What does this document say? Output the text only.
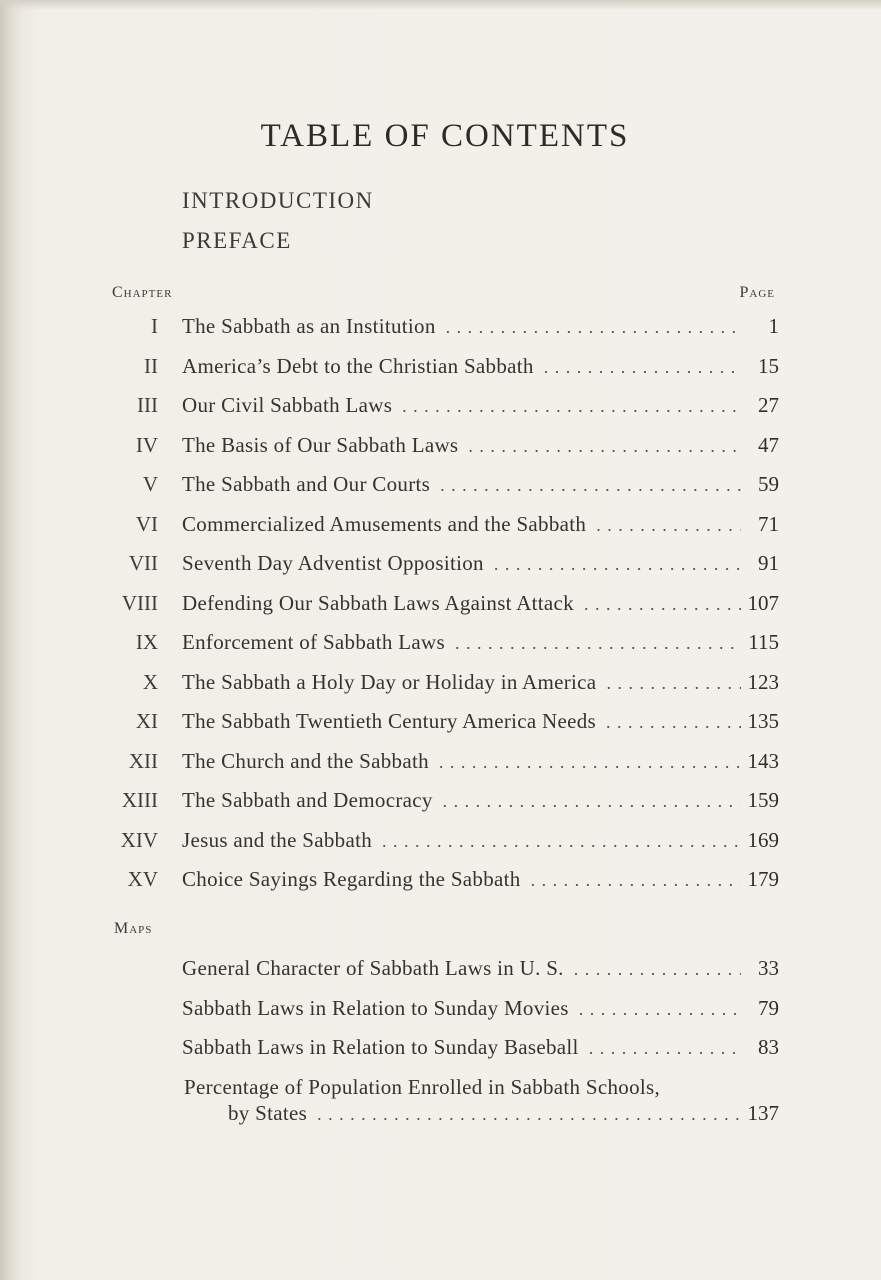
TABLE OF CONTENTS
INTRODUCTION
PREFACE
Chapter	Page
I The Sabbath as an Institution . . .	1
II America’s Debt to the Christian Sabbath . . .	15
III Our Civil Sabbath Laws . . .	27
IV The Basis of Our Sabbath Laws . . .	47
V The Sabbath and Our Courts . . .	59
VI Commercialized Amusements and the Sabbath . . .	71
VII Seventh Day Adventist Opposition . . .	91
VIII Defending Our Sabbath Laws Against Attack . . .	107
IX Enforcement of Sabbath Laws . . .	115
X The Sabbath a Holy Day or Holiday in America . . .	123
XI The Sabbath Twentieth Century America Needs . . .	135
XII The Church and the Sabbath . . .	143
XIII The Sabbath and Democracy . . .	159
XIV Jesus and the Sabbath . . .	169
XV Choice Sayings Regarding the Sabbath . . .	179
Maps
General Character of Sabbath Laws in U. S. . . .	33
Sabbath Laws in Relation to Sunday Movies . . .	79
Sabbath Laws in Relation to Sunday Baseball . . .	83
Percentage of Population Enrolled in Sabbath Schools,
by States . . .	137
